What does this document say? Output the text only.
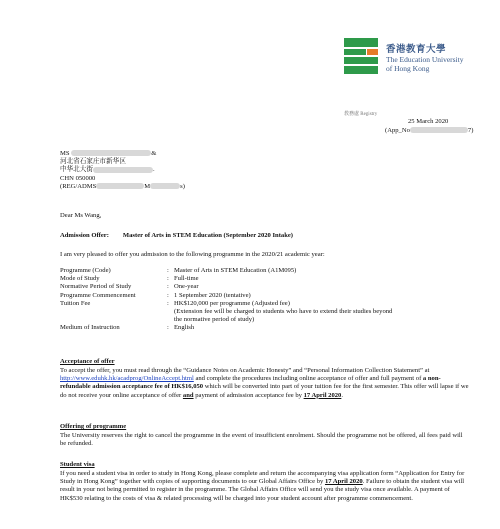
香港教育大學
The Education University
of Hong Kong
教務處 Registry
25 March 2020
(App_No	7)
MS	&
河北省石家庄市新华区
中华北大街	.
CHN 050000
(REG/ADMS	M	s)
Dear Ms Wang,
Admission Offer: Master of Arts in STEM Education (September 2020 Intake)
I am very pleased to offer you admission to the following programme in the 2020/21 academic year:
Programme (Code)	: Master of Arts in STEM Education (A1M095)
Mode of Study	: Full-time
Normative Period of Study	: One-year
Programme Commencement	: 1 September 2020 (tentative)
Tuition Fee	: HK$120,000 per programme (Adjusted fee)
(Extension fee will be charged to students who have to extend their studies beyond
the normative period of study)
Medium of Instruction	: English
Acceptance of offer
To accept the offer, you must read through the “Guidance Notes on Academic Honesty” and “Personal Information Collection Statement” at http://www.eduhk.hk/acadprog/OnlineAccept.html and complete the procedures including online acceptance of offer and full payment of a non-refundable admission acceptance fee of HK$16,050 which will be converted into part of your tuition fee for the first semester. This offer will lapse if we do not receive your online acceptance of offer and payment of admission acceptance fee by 17 April 2020.
Offering of programme
The University reserves the right to cancel the programme in the event of insufficient enrolment. Should the programme not be offered, all fees paid will be refunded.
Student visa
If you need a student visa in order to study in Hong Kong, please complete and return the accompanying visa application form “Application for Entry for Study in Hong Kong” together with copies of supporting documents to our Global Affairs Office by 17 April 2020. Failure to obtain the student visa will result in your not being permitted to register in the programme. The Global Affairs Office will send you the study visa once available. A payment of HK$530 relating to the costs of visa & related processing will be charged into your student account after programme commencement.
